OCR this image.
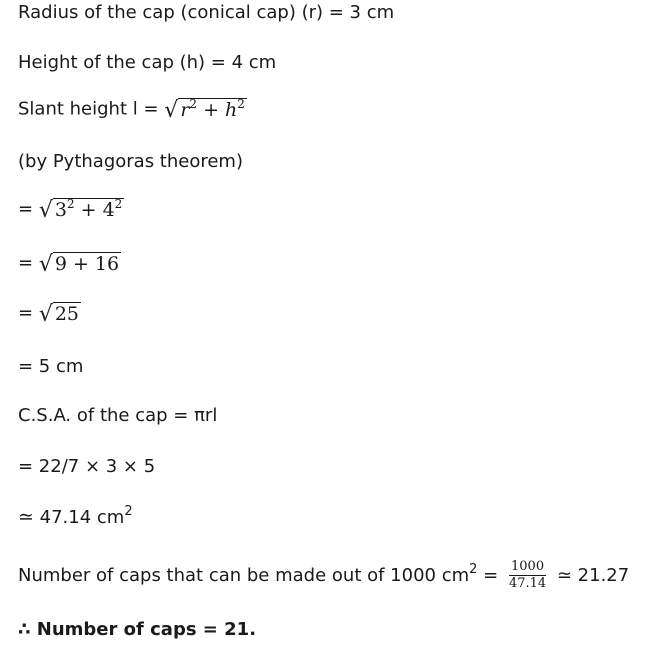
Radius of the cap (conical cap) (r) = 3 cm
Height of the cap (h) = 4 cm
Slant height l = √ $r^2 + h^2$
(by Pythagoras theorem)
= √ $3^2 + 4^2$
= √ 9 + 16
= √ 25
= 5 cm
C.S.A. of the cap = πrl
= 22/7 × 3 × 5
≃ 47.14 $cm^2$
Number of caps that can be made out of 1000 $cm^2 = \frac{1000}{47.14}$ ≃ 21.27
∴ Number of caps = 21.
